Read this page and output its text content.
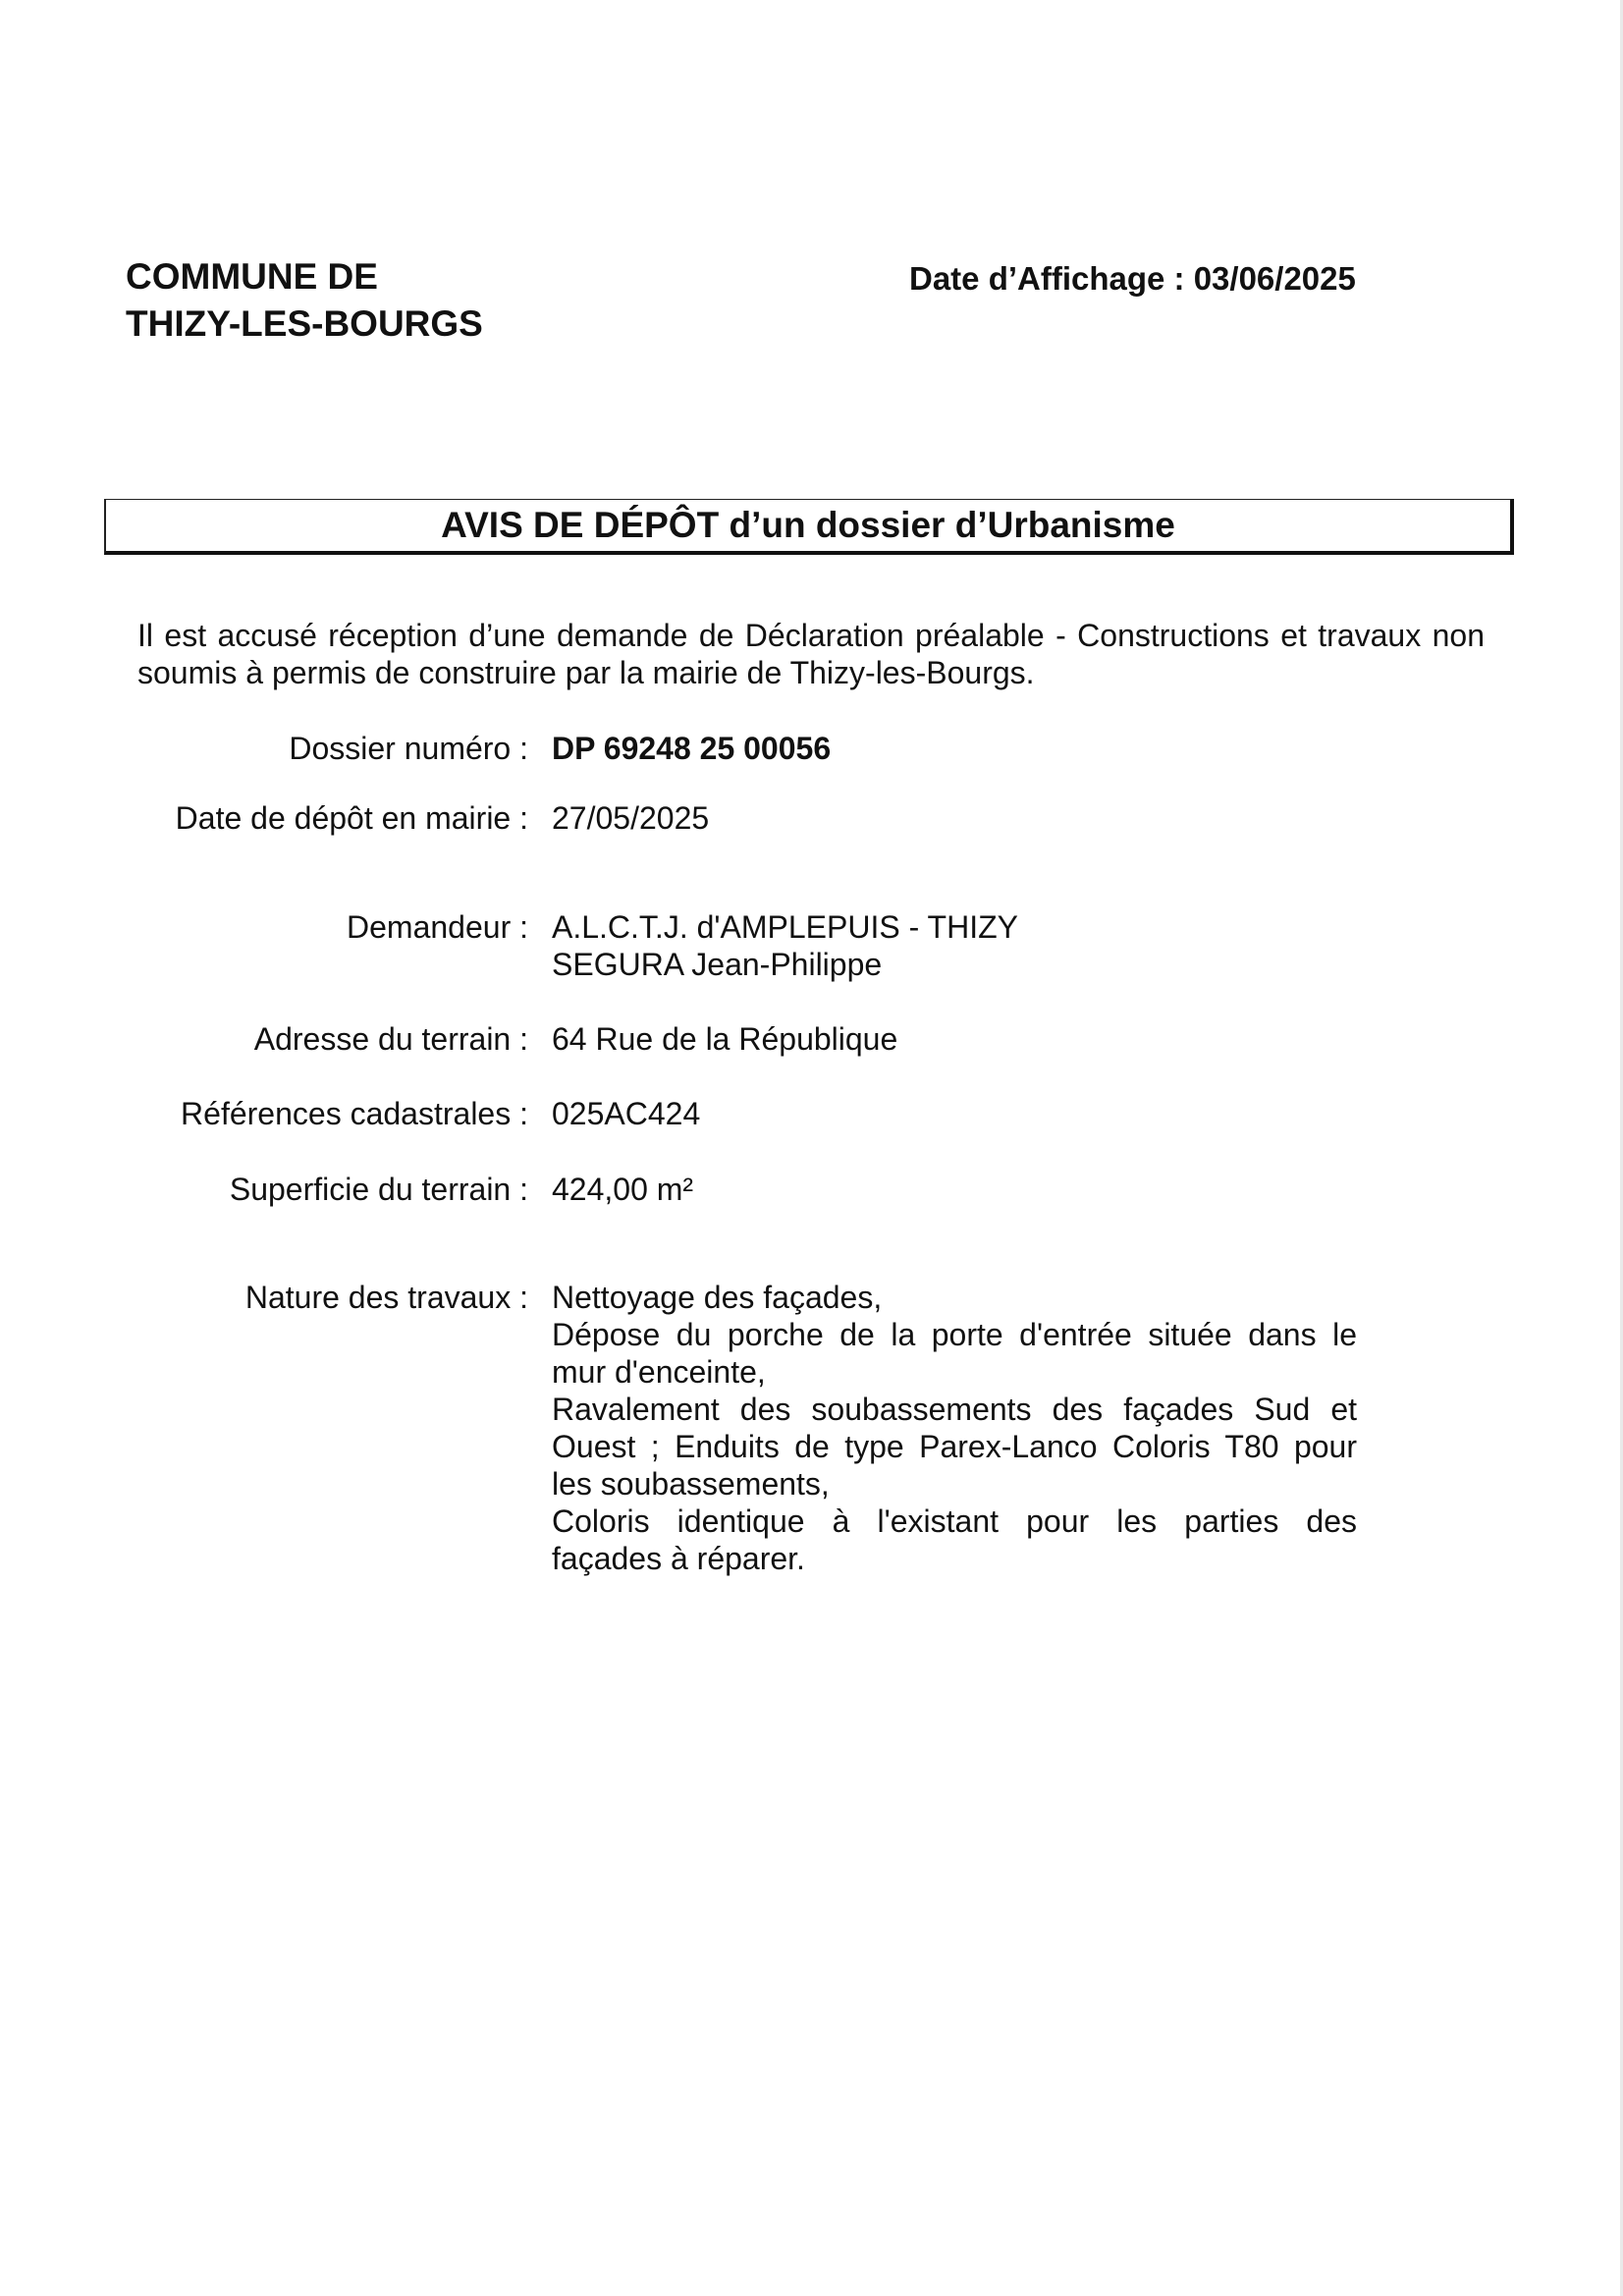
COMMUNE DE
THIZY-LES-BOURGS
Date d’Affichage : 03/06/2025
AVIS DE DÉPÔT d’un dossier d’Urbanisme
Il est accusé réception d’une demande de Déclaration préalable - Constructions et travaux non soumis à permis de construire par la mairie de Thizy-les-Bourgs.
Dossier numéro : DP 69248 25 00056
Date de dépôt en mairie : 27/05/2025
Demandeur : A.L.C.T.J. d'AMPLEPUIS - THIZY
SEGURA Jean-Philippe
Adresse du terrain : 64 Rue de la République
Références cadastrales : 025AC424
Superficie du terrain : 424,00 m²
Nature des travaux : Nettoyage des façades,
Dépose du porche de la porte d'entrée située dans le
mur d'enceinte,
Ravalement des soubassements des façades Sud et
Ouest ; Enduits de type Parex-Lanco Coloris T80 pour
les soubassements,
Coloris identique à l'existant pour les parties des
façades à réparer.
